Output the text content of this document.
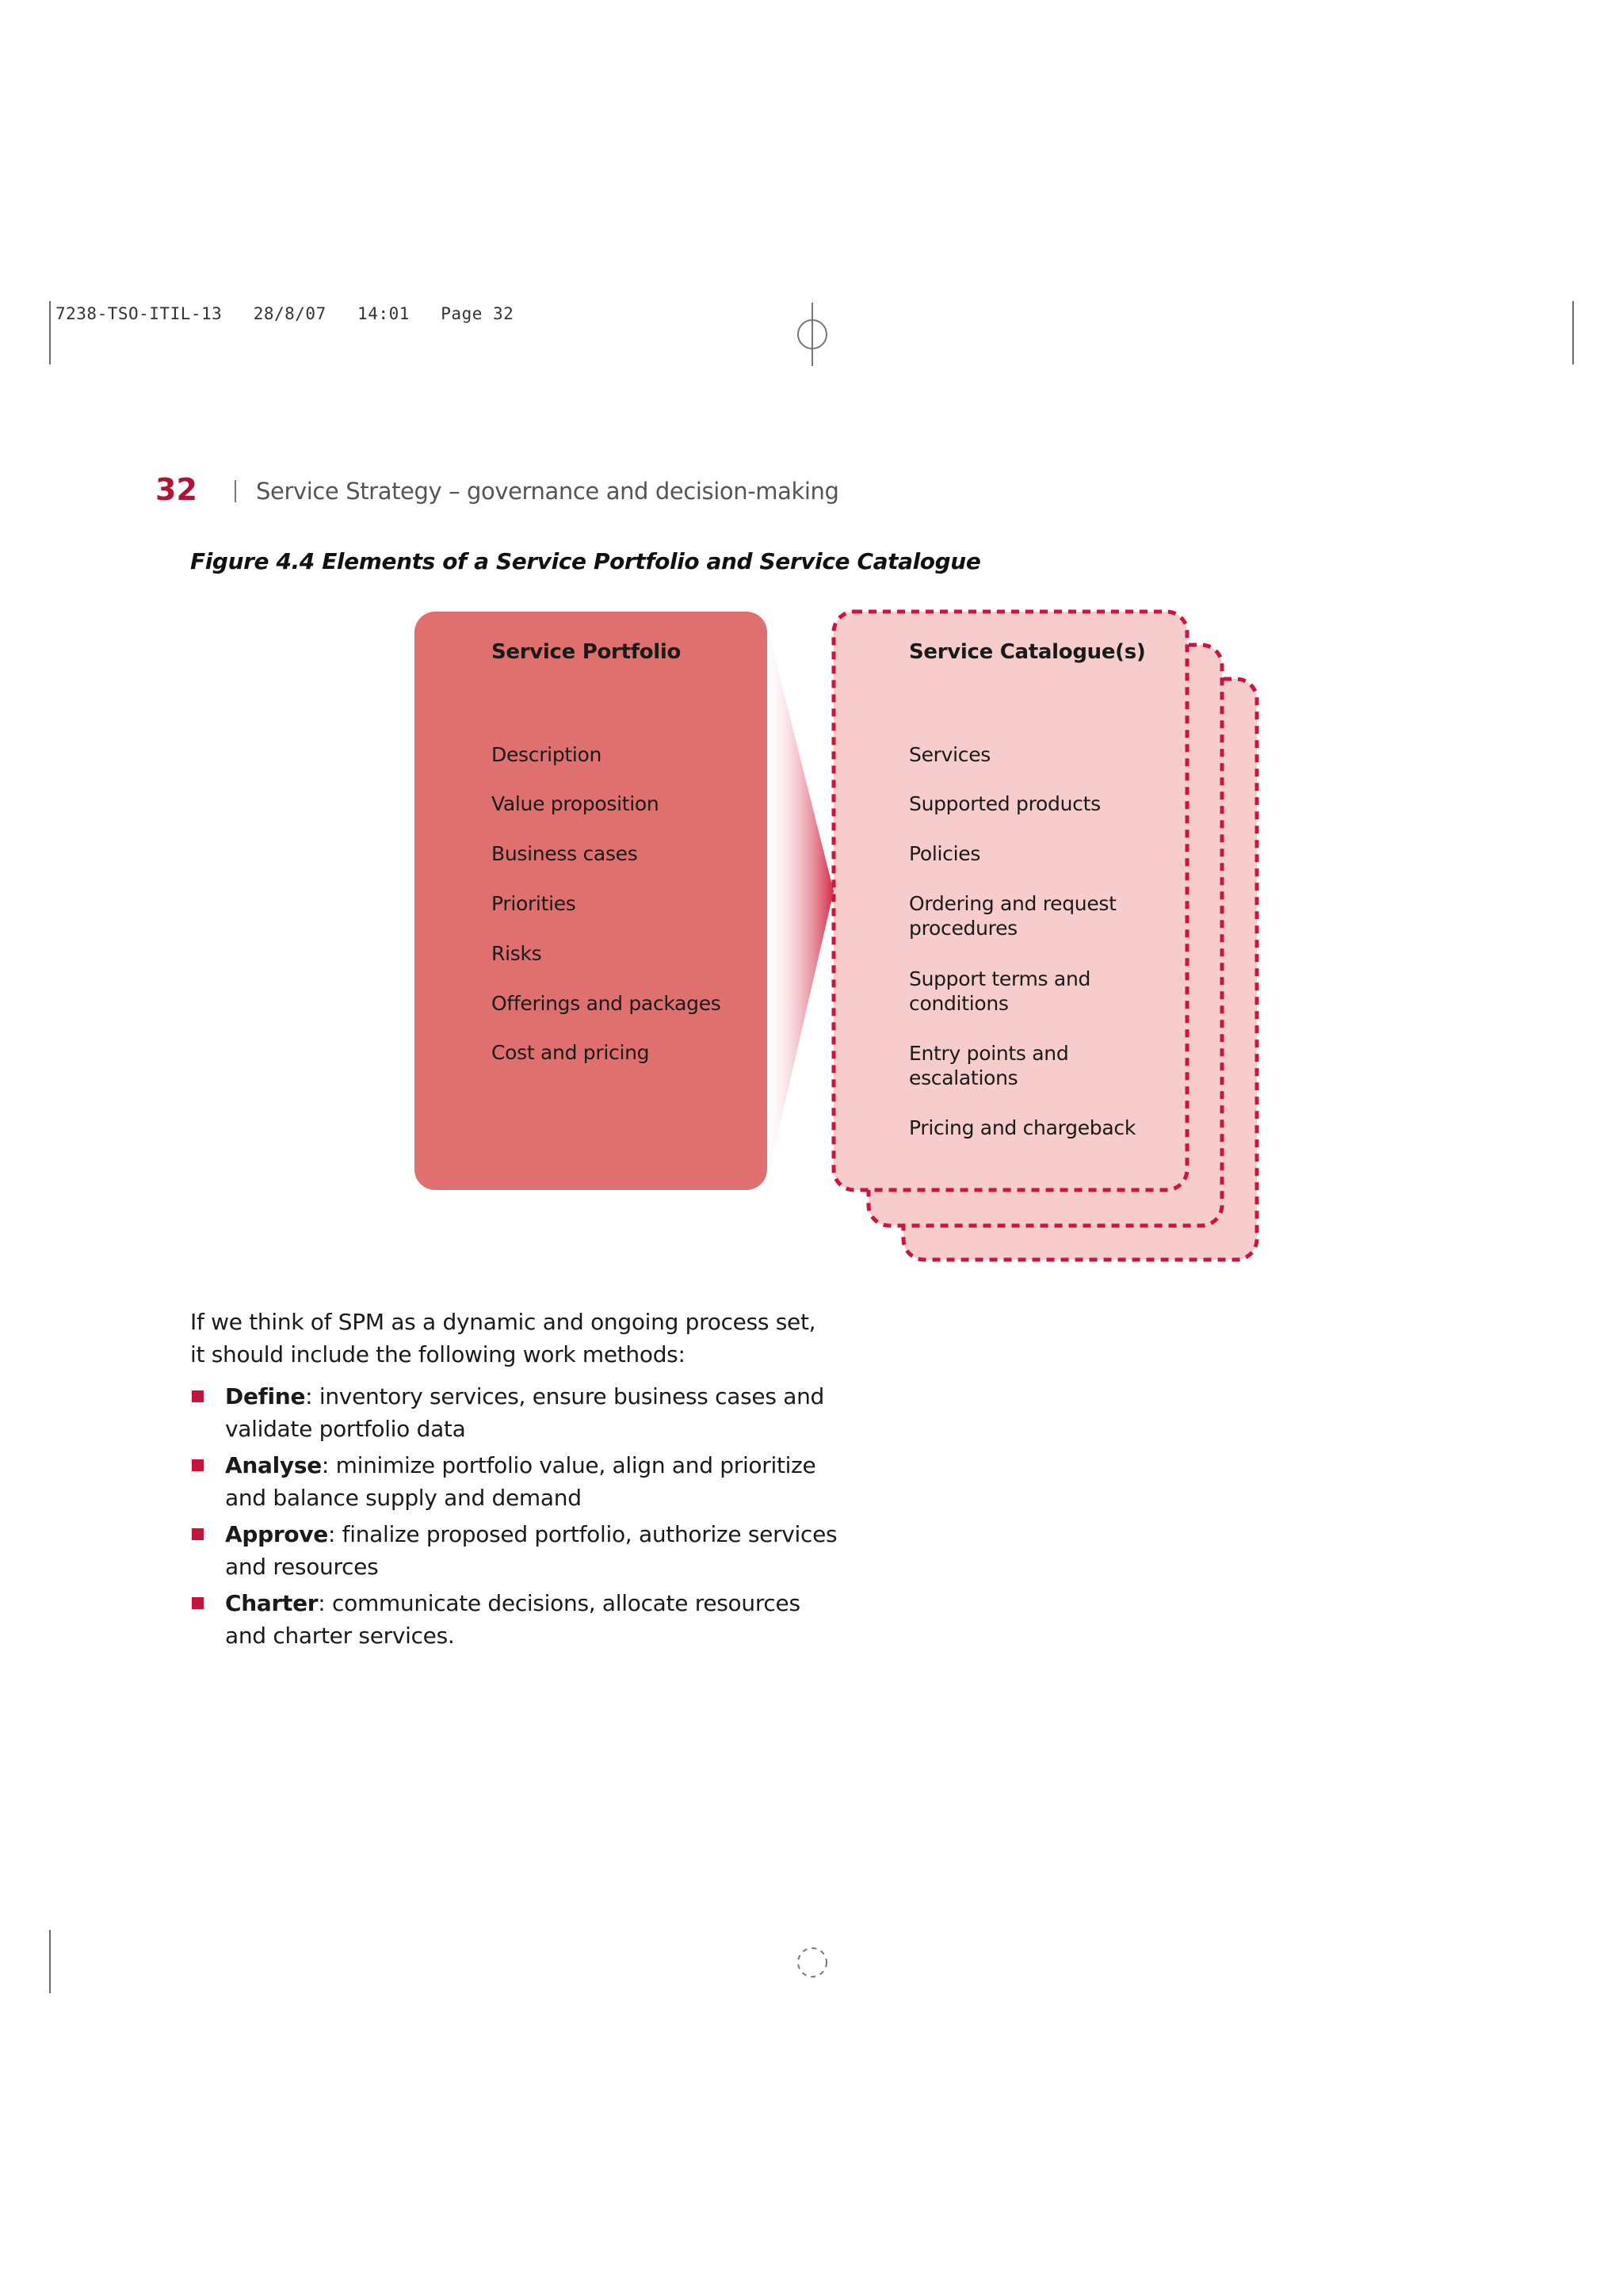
7238-TSO-ITIL-13   28/8/07   14:01   Page 32
32	Service Strategy – governance and decision-making
Figure 4.4 Elements of a Service Portfolio and Service Catalogue
Service Portfolio
Description
Value proposition
Business cases
Priorities
Risks
Offerings and packages
Cost and pricing
Service Catalogue(s)
Services
Supported products
Policies
Ordering and request
procedures
Support terms and
conditions
Entry points and
escalations
Pricing and chargeback
If we think of SPM as a dynamic and ongoing process set,
it should include the following work methods:
Define: inventory services, ensure business cases and
validate portfolio data
Analyse: minimize portfolio value, align and prioritize
and balance supply and demand
Approve: finalize proposed portfolio, authorize services
and resources
Charter: communicate decisions, allocate resources
and charter services.
